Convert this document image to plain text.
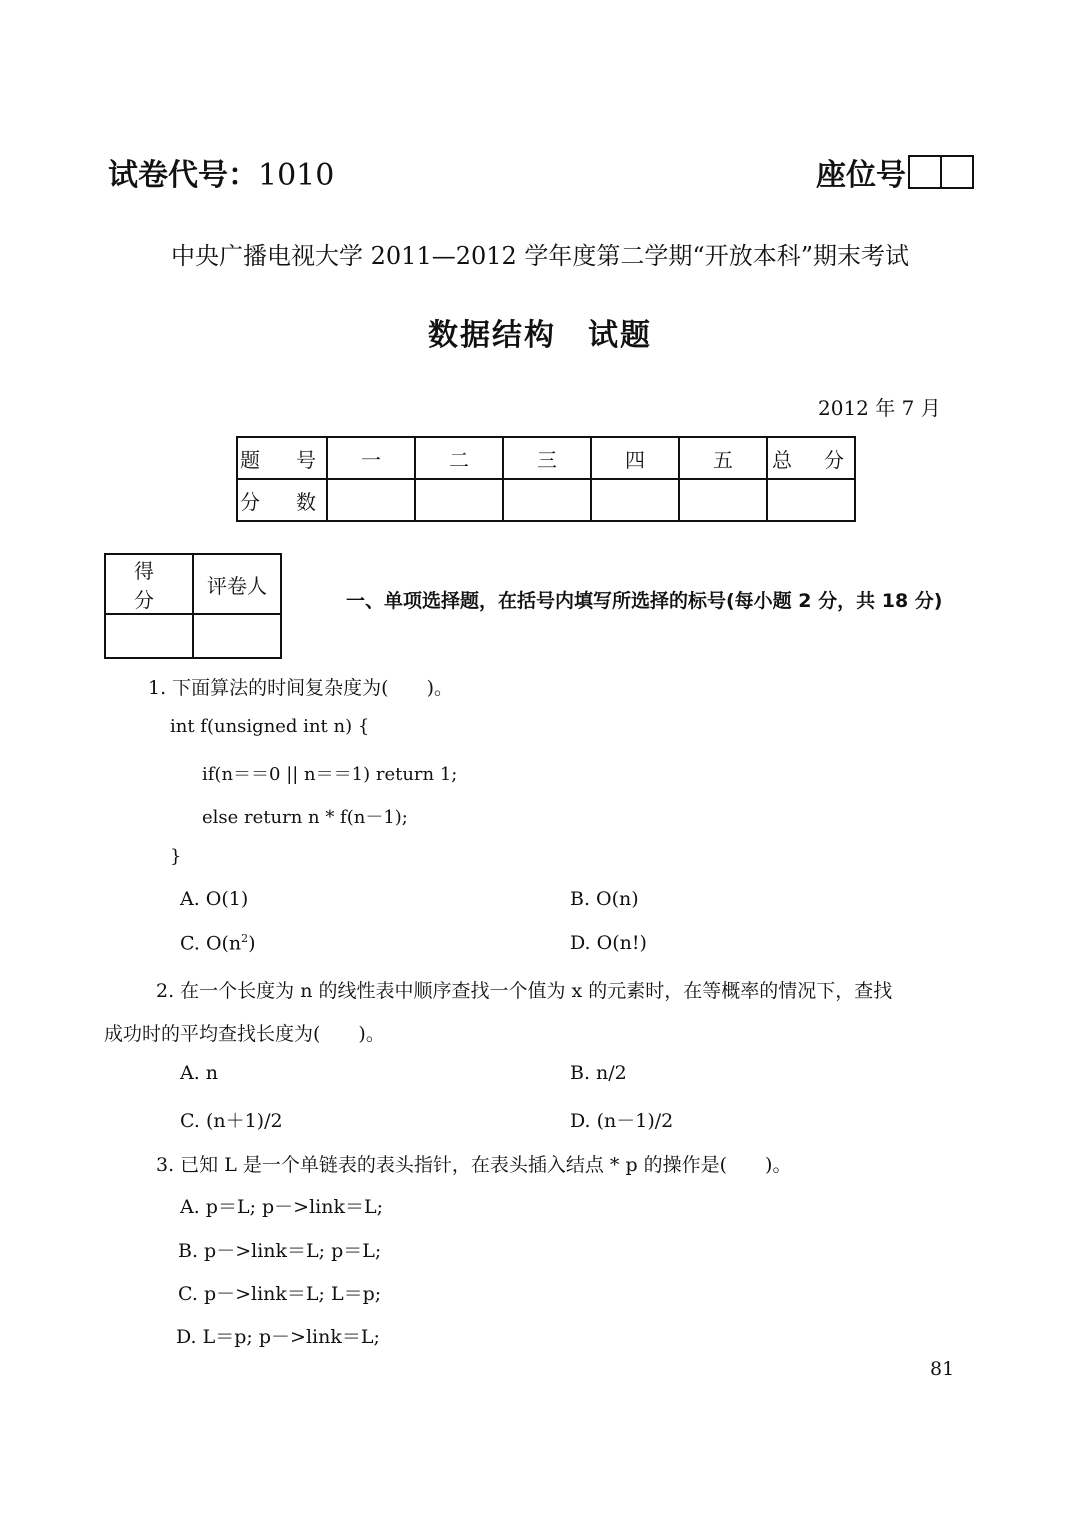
试卷代号：1010	座位号
中央广播电视大学 2011—2012 学年度第二学期“开放本科”期末考试
数据结构　试题
2012 年 7 月
题　号	一	二	三	四	五	总　分
分　数						
得　分	评卷人

一、单项选择题，在括号内填写所选择的标号(每小题 2 分，共 18 分)
1. 下面算法的时间复杂度为(　　)。
int f(unsigned int n) {
if(n＝＝0 || n＝＝1) return 1;
else return n * f(n－1);
}
A. O(1)	B. O(n)
C. $O(n^2)$	D. O(n!)
2. 在一个长度为 n 的线性表中顺序查找一个值为 x 的元素时，在等概率的情况下，查找
成功时的平均查找长度为(　　)。
A. n	B. n/2
C. (n＋1)/2	D. (n－1)/2
3. 已知 L 是一个单链表的表头指针，在表头插入结点 * p 的操作是(　　)。
A. p＝L; p－>link＝L;
B. p－>link＝L; p＝L;
C. p－>link＝L; L＝p;
D. L＝p; p－>link＝L;
81
